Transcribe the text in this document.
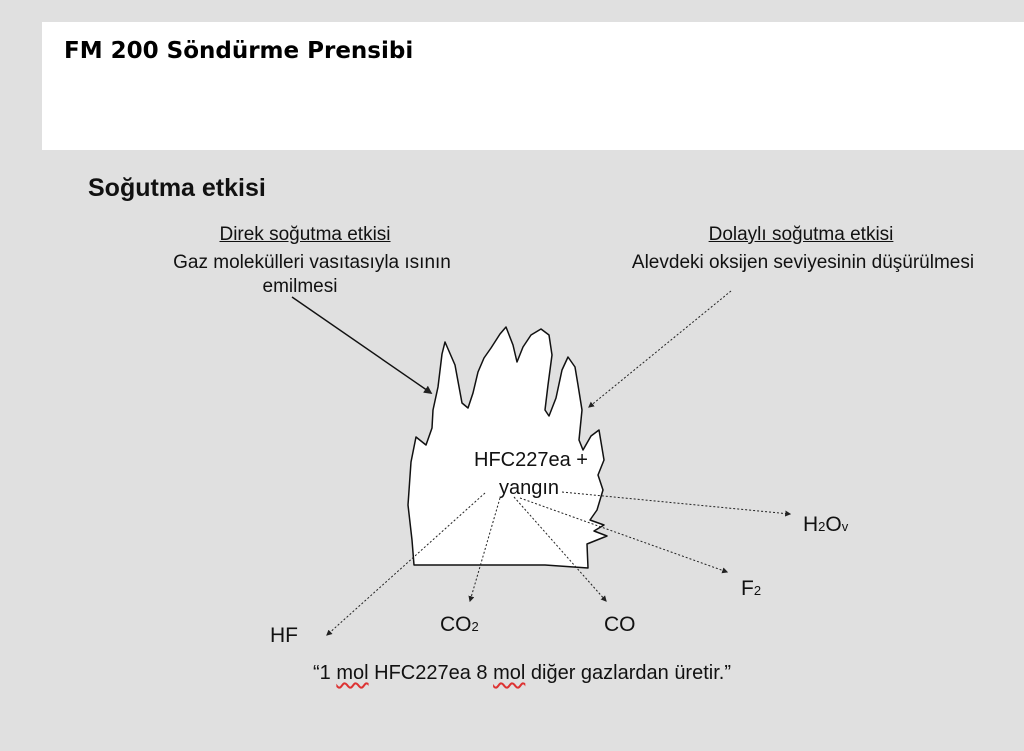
FM 200 Söndürme Prensibi
Soğutma etkisi
Direk soğutma etkisi
Gaz molekülleri vasıtasıyla ısının
emilmesi
Dolaylı soğutma etkisi
Alevdeki oksijen seviyesinin düşürülmesi
HFC227ea +
yangın
H2Ov
F2
CO2	CO
HF
“1 mol HFC227ea 8 mol diğer gazlardan üretir.”
